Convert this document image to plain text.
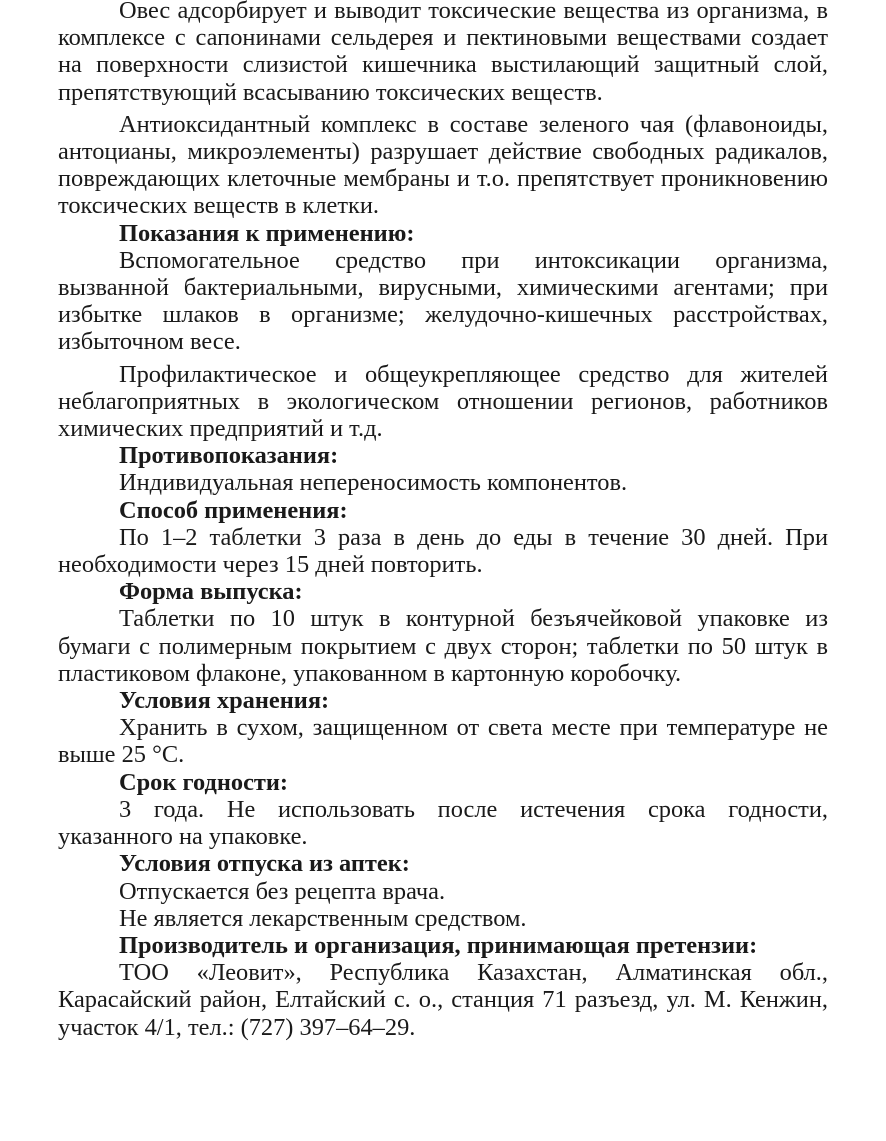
Овес адсорбирует и выводит токсические вещества из организма, в комплексе с сапонинами сельдерея и пектиновыми веществами создает на поверхности слизистой кишечника выстилающий защитный слой, препятствующий всасыванию токсических веществ.

Антиоксидантный комплекс в составе зеленого чая (флавоноиды, антоцианы, микроэлементы) разрушает действие свободных радикалов, повреждающих клеточные мембраны и т.о. препятствует проникновению токсических веществ в клетки.

Показания к применению:

Вспомогательное средство при интоксикации организма, вызванной бактериальными, вирусными, химическими агентами; при избытке шлаков в организме; желудочно-кишечных расстройствах, избыточном весе.

Профилактическое и общеукрепляющее средство для жителей неблагоприятных в экологическом отношении регионов, работников химических предприятий и т.д.

Противопоказания:

Индивидуальная непереносимость компонентов.

Способ применения:

По 1–2 таблетки 3 раза в день до еды в течение 30 дней. При необходимости через 15 дней повторить.

Форма выпуска:

Таблетки по 10 штук в контурной безъячейковой упаковке из бумаги с полимерным покрытием с двух сторон; таблетки по 50 штук в пластиковом флаконе, упакованном в картонную коробочку.

Условия хранения:

Хранить в сухом, защищенном от света месте при температуре не выше 25 °С.

Срок годности:

3 года. Не использовать после истечения срока годности, указанного на упаковке.

Условия отпуска из аптек:

Отпускается без рецепта врача.

Не является лекарственным средством.

Производитель и организация, принимающая претензии:

ТОО «Леовит», Республика Казахстан, Алматинская обл., Карасайский район, Елтайский с. о., станция 71 разъезд, ул. М. Кенжин, участок 4/1, тел.: (727) 397–64–29.
